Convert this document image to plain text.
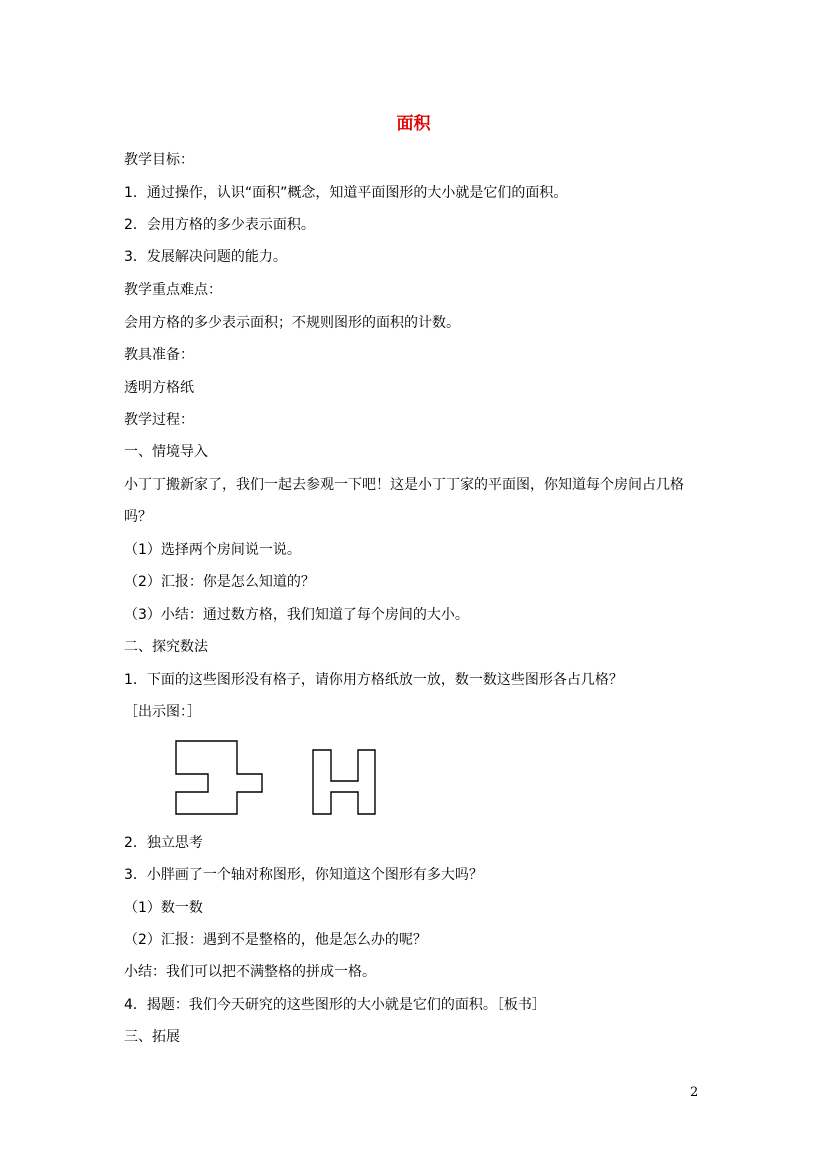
面积
教学目标：
1．通过操作，认识“面积”概念，知道平面图形的大小就是它们的面积。
2．会用方格的多少表示面积。
3．发展解决问题的能力。
教学重点难点：
会用方格的多少表示面积；不规则图形的面积的计数。
教具准备：
透明方格纸
教学过程：
一、情境导入
小丁丁搬新家了，我们一起去参观一下吧！这是小丁丁家的平面图，你知道每个房间占几格
吗？
（1）选择两个房间说一说。
（2）汇报：你是怎么知道的？
（3）小结：通过数方格，我们知道了每个房间的大小。
二、探究数法
1．下面的这些图形没有格子，请你用方格纸放一放，数一数这些图形各占几格？
［出示图：］
2．独立思考
3．小胖画了一个轴对称图形，你知道这个图形有多大吗？
（1）数一数
（2）汇报：遇到不是整格的，他是怎么办的呢？
小结：我们可以把不满整格的拼成一格。
4．揭题：我们今天研究的这些图形的大小就是它们的面积。［板书］
三、拓展
2
